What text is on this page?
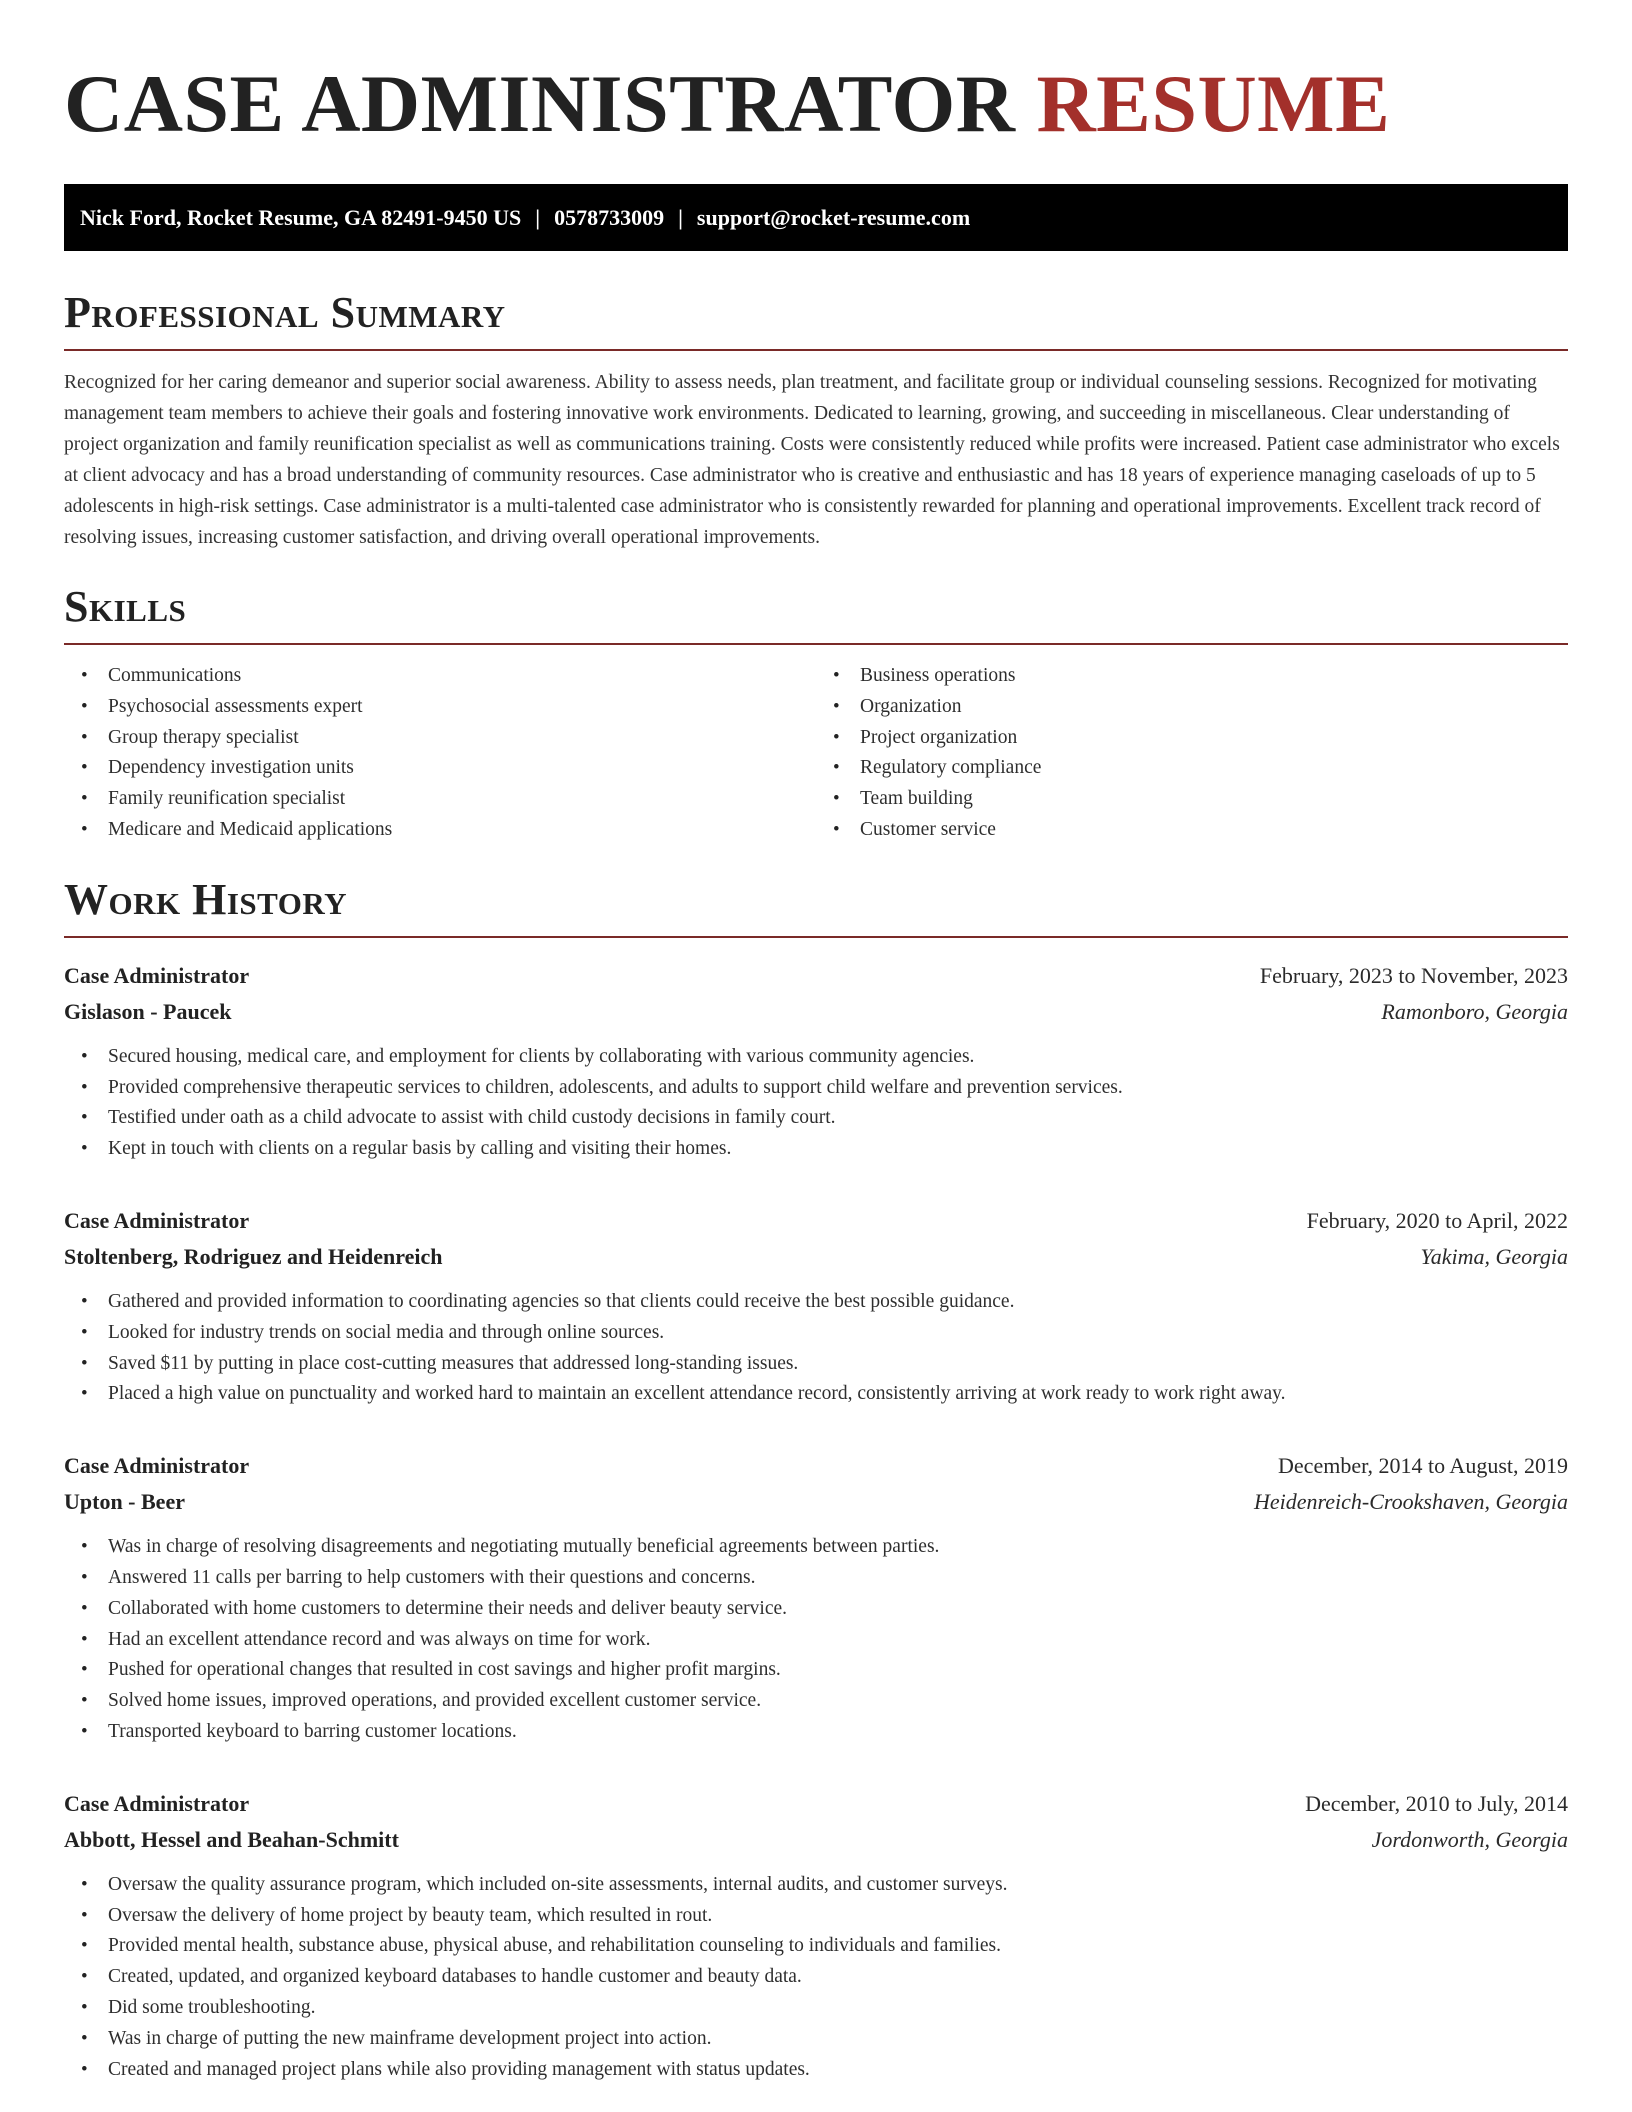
CASE ADMINISTRATOR RESUME
Nick Ford, Rocket Resume, GA 82491-9450 US | 0578733009 | support@rocket-resume.com
Professional Summary

Recognized for her caring demeanor and superior social awareness. Ability to assess needs, plan treatment, and facilitate group or individual counseling sessions. Recognized for motivating management team members to achieve their goals and fostering innovative work environments. Dedicated to learning, growing, and succeeding in miscellaneous. Clear understanding of project organization and family reunification specialist as well as communications training. Costs were consistently reduced while profits were increased. Patient case administrator who excels at client advocacy and has a broad understanding of community resources. Case administrator who is creative and enthusiastic and has 18 years of experience managing caseloads of up to 5 adolescents in high-risk settings. Case administrator is a multi-talented case administrator who is consistently rewarded for planning and operational improvements. Excellent track record of resolving issues, increasing customer satisfaction, and driving overall operational improvements.

Skills
• Communications
• Psychosocial assessments expert
• Group therapy specialist
• Dependency investigation units
• Family reunification specialist
• Medicare and Medicaid applications
• Business operations
• Organization
• Project organization
• Regulatory compliance
• Team building
• Customer service
Work History
Case Administrator	February, 2023 to November, 2023
Gislason - Paucek	Ramonboro, Georgia
• Secured housing, medical care, and employment for clients by collaborating with various community agencies.
• Provided comprehensive therapeutic services to children, adolescents, and adults to support child welfare and prevention services.
• Testified under oath as a child advocate to assist with child custody decisions in family court.
• Kept in touch with clients on a regular basis by calling and visiting their homes.
Case Administrator	February, 2020 to April, 2022
Stoltenberg, Rodriguez and Heidenreich	Yakima, Georgia
• Gathered and provided information to coordinating agencies so that clients could receive the best possible guidance.
• Looked for industry trends on social media and through online sources.
• Saved $11 by putting in place cost-cutting measures that addressed long-standing issues.
• Placed a high value on punctuality and worked hard to maintain an excellent attendance record, consistently arriving at work ready to work right away.
Case Administrator	December, 2014 to August, 2019
Upton - Beer	Heidenreich-Crookshaven, Georgia
• Was in charge of resolving disagreements and negotiating mutually beneficial agreements between parties.
• Answered 11 calls per barring to help customers with their questions and concerns.
• Collaborated with home customers to determine their needs and deliver beauty service.
• Had an excellent attendance record and was always on time for work.
• Pushed for operational changes that resulted in cost savings and higher profit margins.
• Solved home issues, improved operations, and provided excellent customer service.
• Transported keyboard to barring customer locations.
Case Administrator	December, 2010 to July, 2014
Abbott, Hessel and Beahan-Schmitt	Jordonworth, Georgia
• Oversaw the quality assurance program, which included on-site assessments, internal audits, and customer surveys.
• Oversaw the delivery of home project by beauty team, which resulted in rout.
• Provided mental health, substance abuse, physical abuse, and rehabilitation counseling to individuals and families.
• Created, updated, and organized keyboard databases to handle customer and beauty data.
• Did some troubleshooting.
• Was in charge of putting the new mainframe development project into action.
• Created and managed project plans while also providing management with status updates.
